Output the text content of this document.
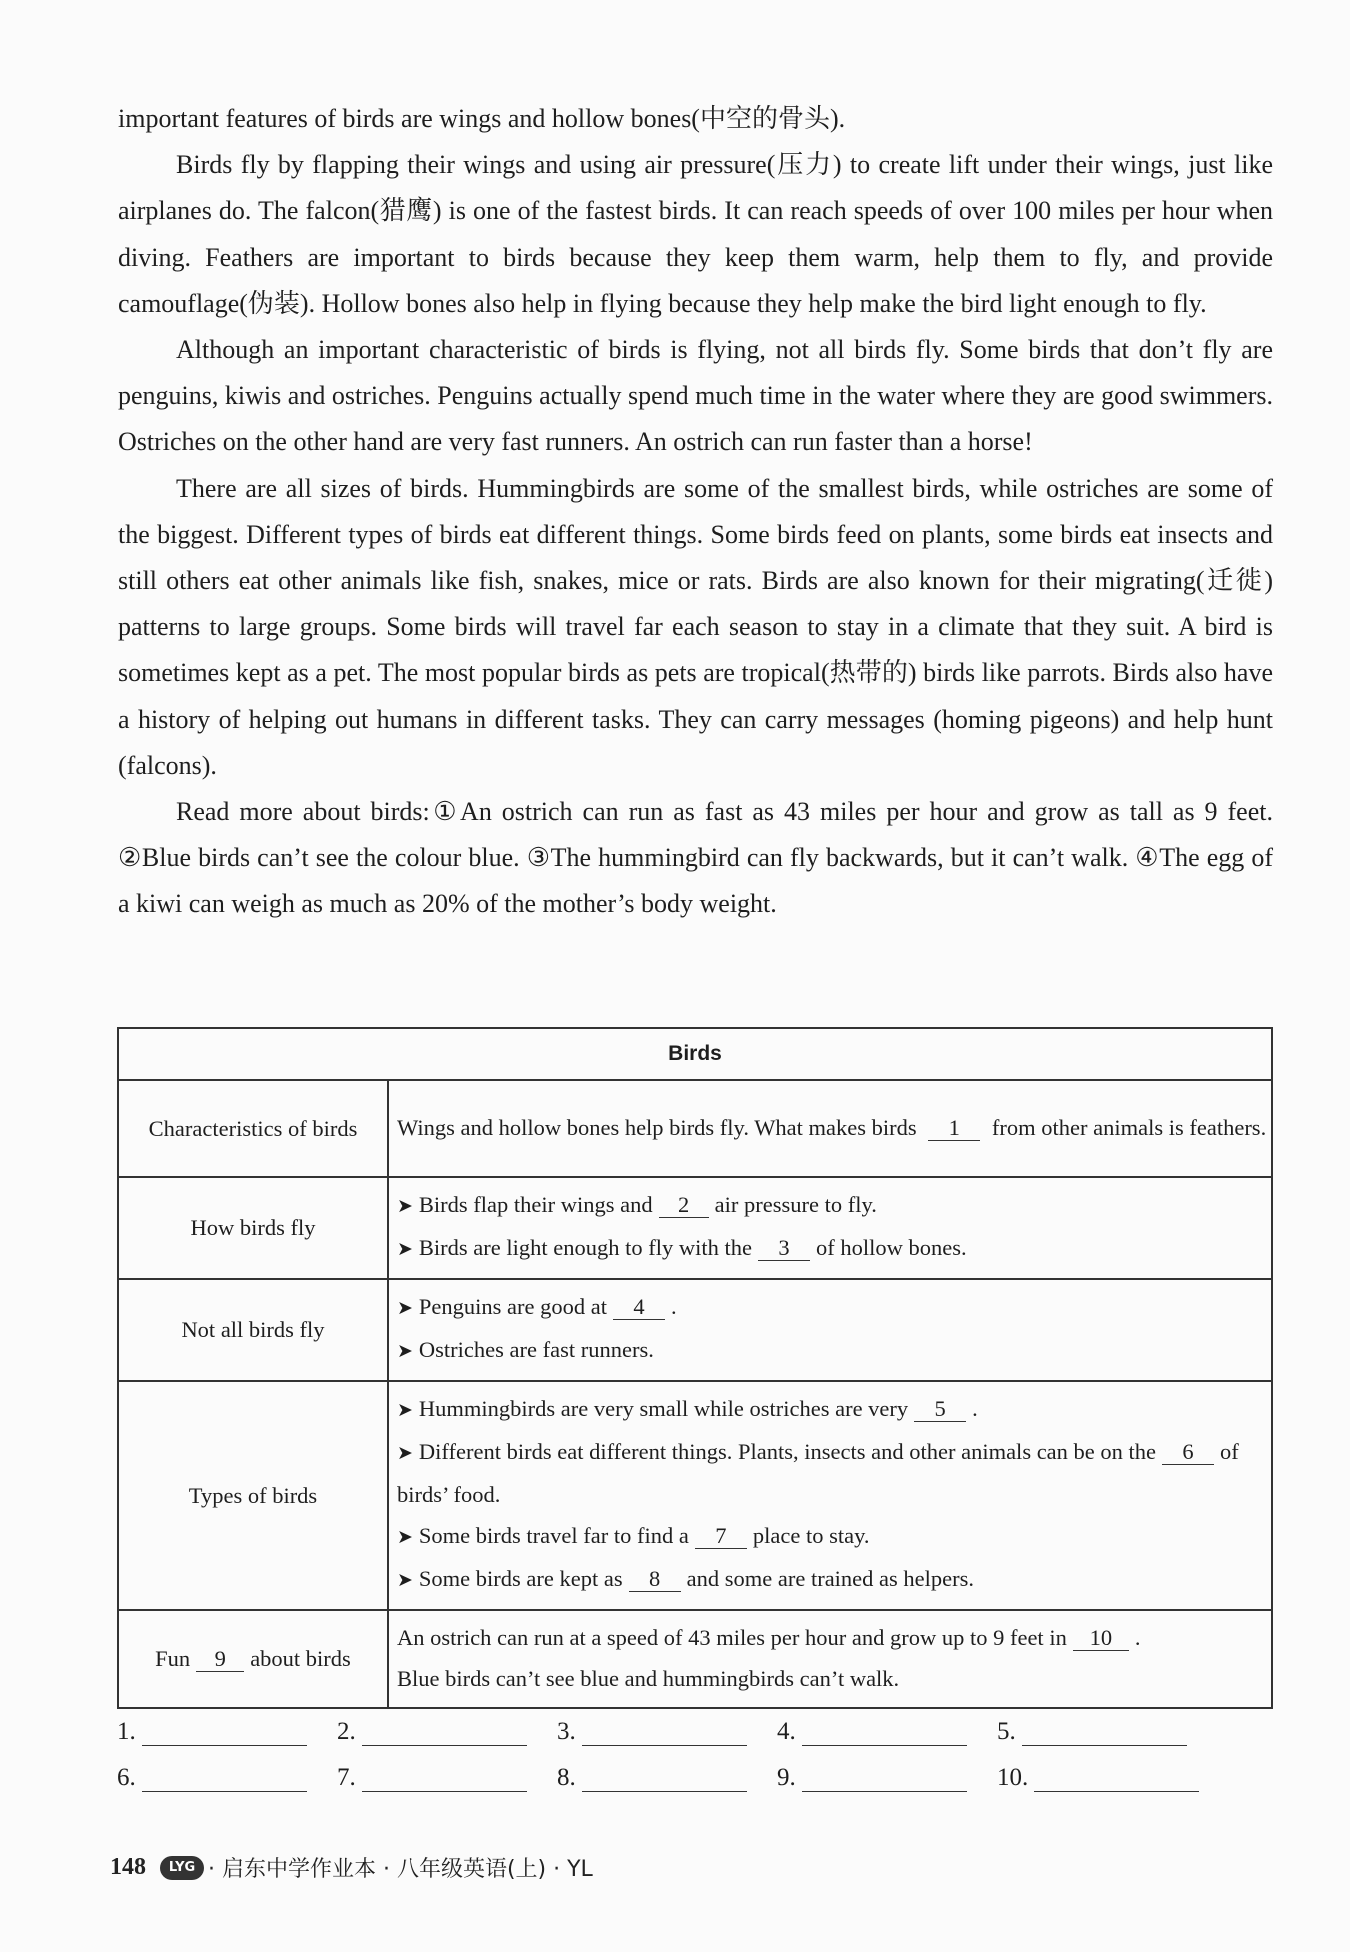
important features of birds are wings and hollow bones(中空的骨头).

Birds fly by flapping their wings and using air pressure(压力) to create lift under their wings, just like airplanes do. The falcon(猎鹰) is one of the fastest birds. It can reach speeds of over 100 miles per hour when diving. Feathers are important to birds because they keep them warm, help them to fly, and provide camouflage(伪装). Hollow bones also help in flying because they help make the bird light enough to fly.

Although an important characteristic of birds is flying, not all birds fly. Some birds that don’t fly are penguins, kiwis and ostriches. Penguins actually spend much time in the water where they are good swimmers. Ostriches on the other hand are very fast runners. An ostrich can run faster than a horse!

There are all sizes of birds. Hummingbirds are some of the smallest birds, while ostriches are some of the biggest. Different types of birds eat different things. Some birds feed on plants, some birds eat insects and still others eat other animals like fish, snakes, mice or rats. Birds are also known for their migrating(迁徙) patterns to large groups. Some birds will travel far each season to stay in a climate that they suit. A bird is sometimes kept as a pet. The most popular birds as pets are tropical(热带的) birds like parrots. Birds also have a history of helping out humans in different tasks. They can carry messages (homing pigeons) and help hunt (falcons).

Read more about birds:①An ostrich can run as fast as 43 miles per hour and grow as tall as 9 feet. ②Blue birds can’t see the colour blue. ③The hummingbird can fly backwards, but it can’t walk. ④The egg of a kiwi can weigh as much as 20% of the mother’s body weight.

Birds	
Characteristics of birds	Wings and hollow bones help birds fly. What makes birds 1 from other animals is feathers.
How birds fly	➤ Birds flap their wings and 2 air pressure to fly.
➤ Birds are light enough to fly with the 3 of hollow bones.

Not all birds fly	➤ Penguins are good at 4 .
➤ Ostriches are fast runners.

Types of birds	➤ Hummingbirds are very small while ostriches are very 5 .
➤ Different birds eat different things. Plants, insects and other animals can be on the 6 of birds’ food.
➤ Some birds travel far to find a 7 place to stay.
➤ Some birds are kept as 8 and some are trained as helpers.

Fun 9 about birds	An ostrich can run at a speed of 43 miles per hour and grow up to 9 feet in 10 .
Blue birds can’t see blue and hummingbirds can’t walk.
1.	2.	3.	4.	5.
6.	7.	8.	9.	10.
148	LYG · 启东中学作业本 · 八年级英语(上) · YL
